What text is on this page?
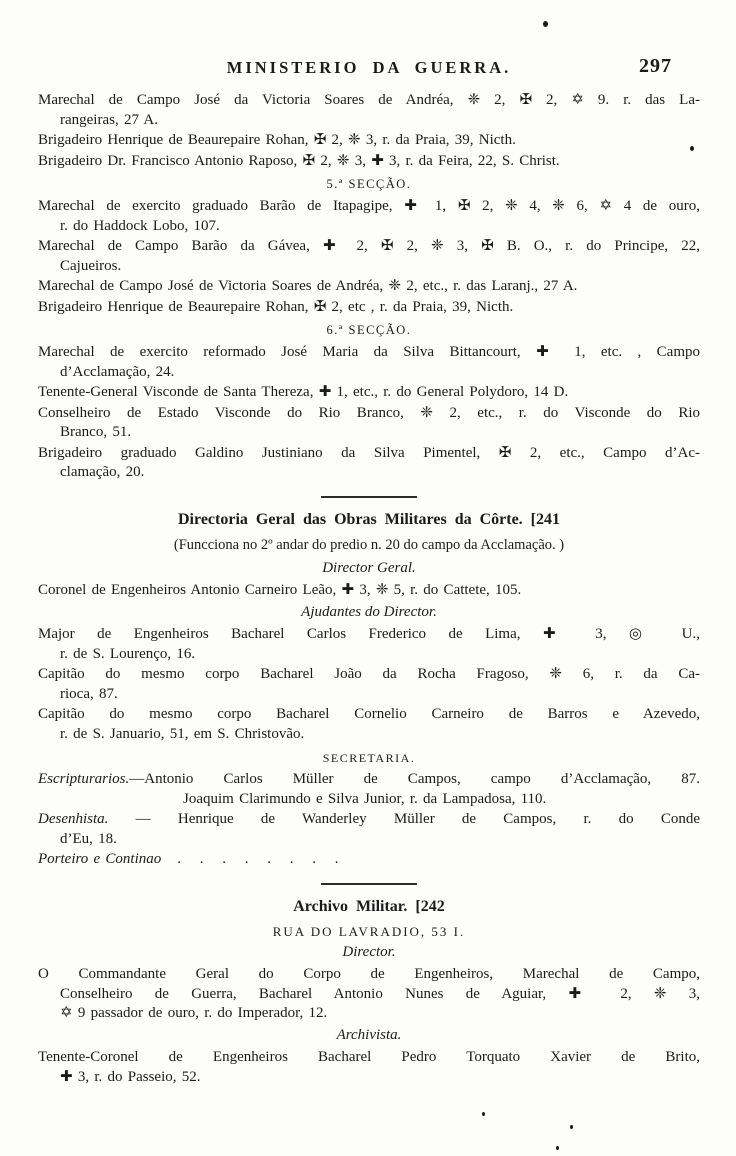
MINISTERIO DA GUERRA.	297
Marechal de Campo José da Victoria Soares de Andréa, ❈ 2, ✠ 2, ✡ 9. r. das La-
rangeiras, 27 A.
Brigadeiro Henrique de Beaurepaire Rohan, ✠ 2, ❈ 3, r. da Praia, 39, Nicth.
Brigadeiro Dr. Francisco Antonio Raposo, ✠ 2, ❈ 3, ✚ 3, r. da Feira, 22, S. Christ.
5.ª SECÇÃO.
Marechal de exercito graduado Barão de Itapagipe, ✚ 1, ✠ 2, ❈ 4, ❈ 6, ✡ 4 de ouro,
r. do Haddock Lobo, 107.
Marechal de Campo Barão da Gávea, ✚ 2, ✠ 2, ❈ 3, ✠ B. O., r. do Principe, 22,
Cajueiros.
Marechal de Campo José de Victoria Soares de Andréa, ❈ 2, etc., r. das Laranj., 27 A.
Brigadeiro Henrique de Beaurepaire Rohan, ✠ 2, etc , r. da Praia, 39, Nicth.
6.ª SECÇÃO.
Marechal de exercito reformado José Maria da Silva Bittancourt, ✚ 1, etc. , Campo
d’Acclamação, 24.
Tenente-General Visconde de Santa Thereza, ✚ 1, etc., r. do General Polydoro, 14 D.
Conselheiro de Estado Visconde do Rio Branco, ❈ 2, etc., r. do Visconde do Rio
Branco, 51.
Brigadeiro graduado Galdino Justiniano da Silva Pimentel, ✠ 2, etc., Campo d’Ac-
clamação, 20.
Directoria Geral das Obras Militares da Côrte. [241
(Funcciona no 2º andar do predio n. 20 do campo da Acclamação. )
Director Geral.
Coronel de Engenheiros Antonio Carneiro Leão, ✚ 3, ❈ 5, r. do Cattete, 105.
Ajudantes do Director.
Major de Engenheiros Bacharel Carlos Frederico de Lima, ✚ 3, ◎ U.,
r. de S. Lourenço, 16.
Capitão do mesmo corpo Bacharel João da Rocha Fragoso, ❈ 6, r. da Ca-
rioca, 87.
Capitão do mesmo corpo Bacharel Cornelio Carneiro de Barros e Azevedo,
r. de S. Januario, 51, em S. Christovão.
SECRETARIA.
Escripturarios.—Antonio Carlos Müller de Campos, campo d’Acclamação, 87.
Joaquim Clarimundo e Silva Junior, r. da Lampadosa, 110.
Desenhista. — Henrique de Wanderley Müller de Campos, r. do Conde
d’Eu, 18.
Porteiro e Continao . . . . . . . .
Archivo Militar. [242
RUA DO LAVRADIO, 53 I.
Director.
O Commandante Geral do Corpo de Engenheiros, Marechal de Campo,
Conselheiro de Guerra, Bacharel Antonio Nunes de Aguiar, ✚ 2, ❈ 3,
✡ 9 passador de ouro, r. do Imperador, 12.
Archivista.
Tenente-Coronel de Engenheiros Bacharel Pedro Torquato Xavier de Brito,
✚ 3, r. do Passeio, 52.
